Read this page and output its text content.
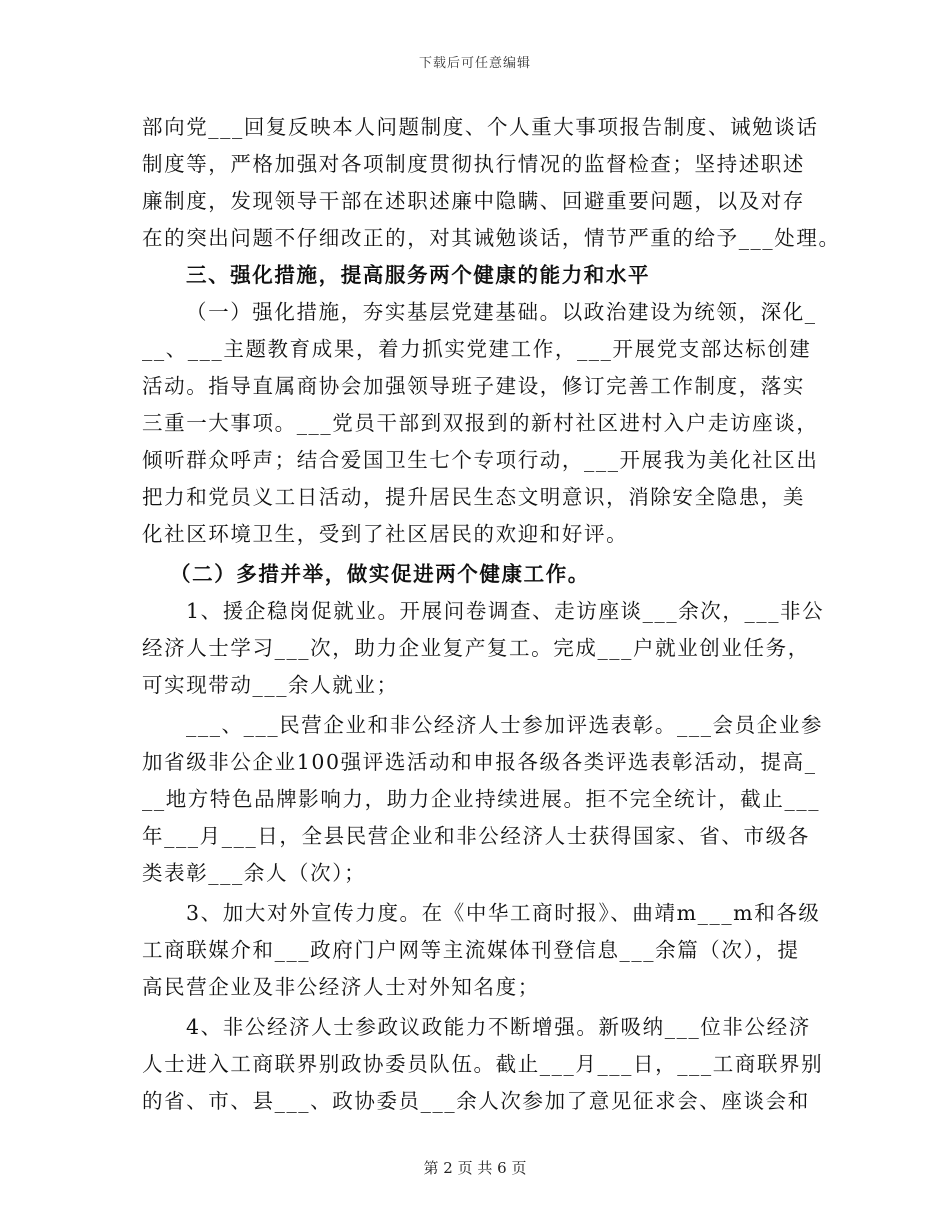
下载后可任意编辑
部向党___回复反映本人问题制度、个人重大事项报告制度、诫勉谈话
制度等，严格加强对各项制度贯彻执行情况的监督检查；坚持述职述
廉制度，发现领导干部在述职述廉中隐瞒、回避重要问题，以及对存
在的突出问题不仔细改正的，对其诫勉谈话，情节严重的给予___处理。
三、强化措施，提高服务两个健康的能力和水平
（一）强化措施，夯实基层党建基础。以政治建设为统领，深化_
__、___主题教育成果，着力抓实党建工作，___开展党支部达标创建
活动。指导直属商协会加强领导班子建设，修订完善工作制度，落实
三重一大事项。___党员干部到双报到的新村社区进村入户走访座谈，
倾听群众呼声；结合爱国卫生七个专项行动，___开展我为美化社区出
把力和党员义工日活动，提升居民生态文明意识，消除安全隐患，美
化社区环境卫生，受到了社区居民的欢迎和好评。
（二）多措并举，做实促进两个健康工作。
1、援企稳岗促就业。开展问卷调查、走访座谈___余次，___非公
经济人士学习___次，助力企业复产复工。完成___户就业创业任务，
可实现带动___余人就业；
___、___民营企业和非公经济人士参加评选表彰。___会员企业参
加省级非公企业100强评选活动和申报各级各类评选表彰活动，提高_
__地方特色品牌影响力，助力企业持续进展。拒不完全统计，截止___
年___月___日，全县民营企业和非公经济人士获得国家、省、市级各
类表彰___余人（次）；
3、加大对外宣传力度。在《中华工商时报》、曲靖m___m和各级
工商联媒介和___政府门户网等主流媒体刊登信息___余篇（次），提
高民营企业及非公经济人士对外知名度；
4、非公经济人士参政议政能力不断增强。新吸纳___位非公经济
人士进入工商联界别政协委员队伍。截止___月___日，___工商联界别
的省、市、县___、政协委员___余人次参加了意见征求会、座谈会和
第 2 页 共 6 页
